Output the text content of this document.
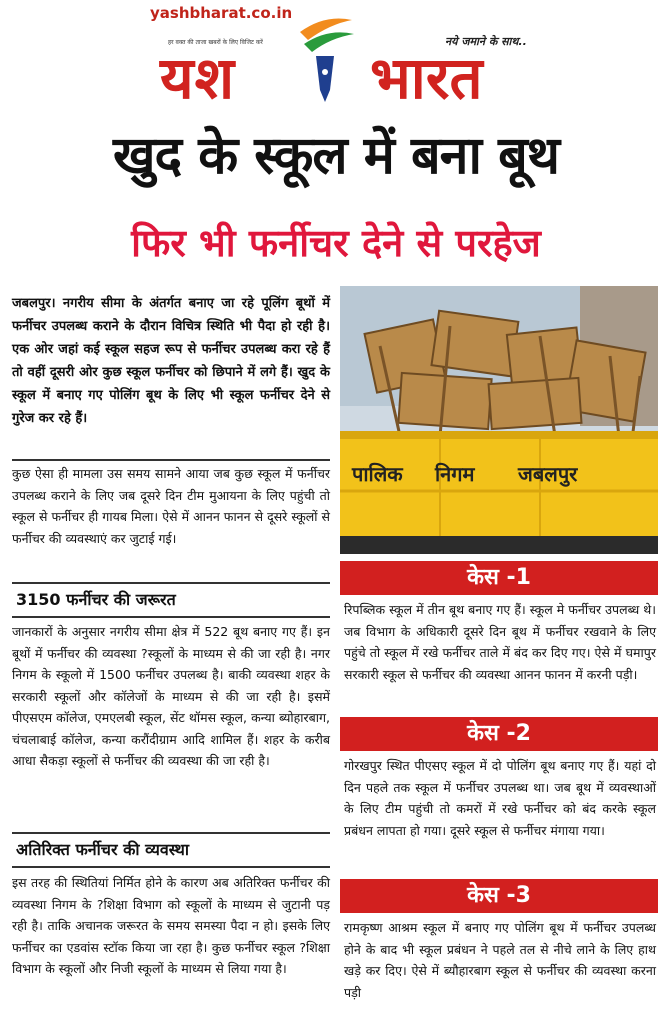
yashbharat.co.in
हर वक्त की ताजा खबरों के लिए विजिट करें	नये जमाने के साथ..
यश भारत
खुद के स्कूल में बना बूथ
फिर भी फर्नीचर देने से परहेज
जबलपुर। नगरीय सीमा के अंतर्गत बनाए जा रहे पूलिंग बूथों में फर्नीचर उपलब्ध कराने के दौरान विचित्र स्थिति भी पैदा हो रही है। एक ओर जहां कई स्कूल सहज रूप से फर्नीचर उपलब्ध करा रहे हैं तो वहीं दूसरी ओर कुछ स्कूल फर्नीचर को छिपाने में लगे हैं। खुद के स्कूल में बनाए गए पोलिंग बूथ के लिए भी स्कूल फर्नीचर देने से गुरेज कर रहे हैं।
कुछ ऐसा ही मामला उस समय सामने आया जब कुछ स्कूल में फर्नीचर उपलब्ध कराने के लिए जब दूसरे दिन टीम मुआयना के लिए पहुंची तो स्कूल से फर्नीचर ही गायब मिला। ऐसे में आनन फानन से दूसरे स्कूलों से फर्नीचर की व्यवस्थाएं कर जुटाई गई।
3150 फर्नीचर की जरूरत
जानकारों के अनुसार नगरीय सीमा क्षेत्र में 522 बूथ बनाए गए हैं। इन बूथों में फर्नीचर की व्यवस्था ?स्कूलों के माध्यम से की जा रही है। नगर निगम के स्कूलो में 1500 फर्नीचर उपलब्ध है। बाकी व्यवस्था शहर के सरकारी स्कूलों और कॉलेजों के माध्यम से की जा रही है। इसमें पीएसएम कॉलेज, एमएलबी स्कूल, सेंट थॉमस स्कूल, कन्या ब्योहारबाग, चंचलाबाई कॉलेज, कन्या करौंदीग्राम आदि शामिल हैं। शहर के करीब आधा सैकड़ा स्कूलों से फर्नीचर की व्यवस्था की जा रही है।
अतिरिक्त फर्नीचर की व्यवस्था
इस तरह की स्थितियां निर्मित होने के कारण अब अतिरिक्त फर्नीचर की व्यवस्था निगम के ?शिक्षा विभाग को स्कूलों के माध्यम से जुटानी पड़ रही है। ताकि अचानक जरूरत के समय समस्या पैदा न हो। इसके लिए फर्नीचर का एडवांस स्टॉक किया जा रहा है। कुछ फर्नीचर स्कूल ?शिक्षा विभाग के स्कूलों और निजी स्कूलों के माध्यम से लिया गया है।
पालिक निगम जबलपुर
केस -1
रिपब्लिक स्कूल में तीन बूथ बनाए गए हैं। स्कूल मे फर्नीचर उपलब्ध थे। जब विभाग के अधिकारी दूसरे दिन बूथ में फर्नीचर रखवाने के लिए पहुंचे तो स्कूल में रखे फर्नीचर ताले में बंद कर दिए गए। ऐसे में घमापुर सरकारी स्कूल से फर्नीचर की व्यवस्था आनन फानन में करनी पड़ी।
केस -2
गोरखपुर स्थित पीएसए स्कूल में दो पोलिंग बूथ बनाए गए हैं। यहां दो दिन पहले तक स्कूल में फर्नीचर उपलब्ध था। जब बूथ में व्यवस्थाओं के लिए टीम पहुंची तो कमरों में रखे फर्नीचर को बंद करके स्कूल प्रबंधन लापता हो गया। दूसरे स्कूल से फर्नीचर मंगाया गया।
केस -3
रामकृष्ण आश्रम स्कूल में बनाए गए पोलिंग बूथ में फर्नीचर उपलब्ध होने के बाद भी स्कूल प्रबंधन ने पहले तल से नीचे लाने के लिए हाथ खड़े कर दिए। ऐसे में ब्यौहारबाग स्कूल से फर्नीचर की व्यवस्था करना पड़ी
